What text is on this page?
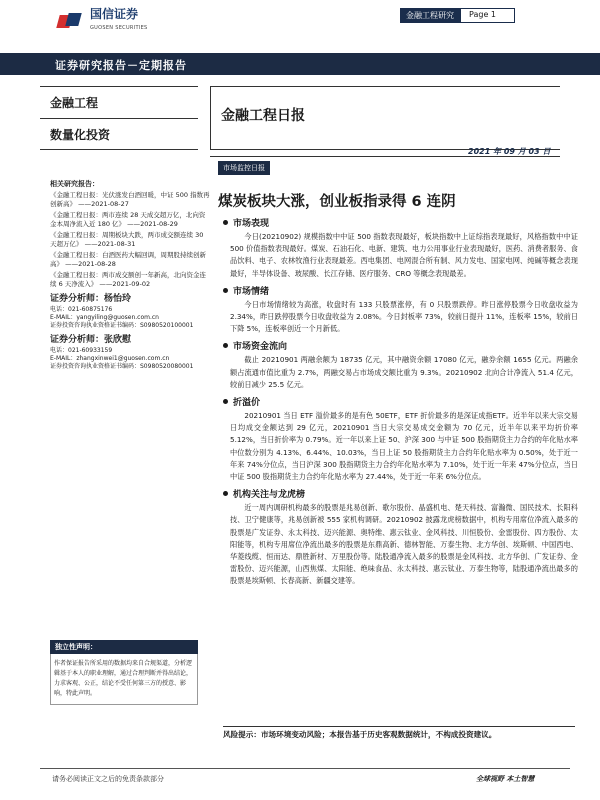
国信证券
GUOSEN SECURITIES
金融工程研究	Page 1
证券研究报告－定期报告
金融工程
数量化投资
金融工程日报
2021 年 09 月 03 日
相关研究报告：
《金融工程日报：光伏涨发白酒回暖，中证 500 指数再创新高》 ——2021-08-27
《金融工程日报：两市连续 28 天成交超万亿，北向资金本周净流入近 180 亿》 ——2021-08-29
《金融工程日报：周期板块大跌，两市成交额连续 30 天超万亿》 ——2021-08-31
《金融工程日报：白酒医药大幅回调，周期股持续创新高》 ——2021-08-28
《金融工程日报：两市成交额创一年新高，北向资金连续 6 天净流入》 ——2021-09-02
证券分析师：杨怡玲
电话：021-60875176
E-MAIL：yangyiling@guosen.com.cn
证券投资咨询执业资格证书编码：S0980520100001
证券分析师：张欣慰
电话：021-60933159
E-MAIL：zhangxinwei1@guosen.com.cn
证券投资咨询执业资格证书编码：S0980520080001
独立性声明：
作者保证报告所采用的数据均来自合规渠道，分析逻辑基于本人的职业理解，通过合理判断并得出结论，力求客观、公正，结论不受任何第三方的授意、影响，特此声明。
市场监控日报
煤炭板块大涨，创业板指录得 6 连阴
市场表现
今日(20210902) 规模指数中中证 500 指数表现最好，板块指数中上证综指表现最好，风格指数中中证 500 价值指数表现最好。煤炭、石油石化、电新、建筑、电力公用事业行业表现最好，医药、消费者服务、食品饮料、电子、农林牧渔行业表现最差。西电集团、电网混合所有制、风力发电、国家电网、纯碱等概念表现最好，半导体设备、玻尿酸、长江存储、医疗服务、CRO 等概念表现最差。
市场情绪
今日市场情绪较为高涨，收盘时有 133 只股票涨停，有 0 只股票跌停。昨日涨停股票今日收盘收益为 2.34%，昨日跌停股票今日收盘收益为 2.08%。今日封板率 73%，较前日提升 11%，连板率 15%，较前日下降 5%，连板率创近一个月新低。
市场资金流向
截止 20210901 两融余额为 18735 亿元，其中融资余额 17080 亿元，融券余额 1655 亿元。两融余额占流通市值比重为 2.7%，两融交易占市场成交额比重为 9.3%。20210902 北向合计净流入 51.4 亿元，较前日减少 25.5 亿元。
折溢价
20210901 当日 ETF 溢价最多的是有色 50ETF，ETF 折价最多的是深证成指ETF。近半年以来大宗交易日均成交金额达到 29 亿元，20210901 当日大宗交易成交金额为 70 亿元，近半年以来平均折价率 5.12%，当日折价率为 0.79%。近一年以来上证 50、沪深 300 与中证 500 股指期货主力合约的年化贴水率中位数分别为 4.13%、6.44%、10.03%，当日上证 50 股指期货主力合约年化贴水率为 0.50%，处于近一年来 74%分位点，当日沪深 300 股指期货主力合约年化贴水率为 7.10%，处于近一年来 47%分位点，当日中证 500 股指期货主力合约年化贴水率为 27.44%，处于近一年来 6%分位点。
机构关注与龙虎榜
近一周内调研机构最多的股票是兆易创新、歌尔股份、晶盛机电、楚天科技、富瀚微、国民技术、长阳科技、卫宁健康等，兆易创新被 555 家机构调研。20210902 披露龙虎榜数据中，机构专用席位净流入最多的股票是广发证券、永太科技、迈兴能源、奥特维、惠云钛业、金风科技、川恒股份、金雷股份、四方股份、太阳能等，机构专用席位净流出最多的股票是东鼎高新、德林智能、万泰生物、北方华创、埃斯顿、中国西电、华菱线缆、恒而达、鼎胜新材、万里股份等。陆股通净流入最多的股票是金风科技、北方华创、广发证券、金雷股份、迈兴能源，山西焦煤、太阳能、绝味食品、永太科技、惠云钛业、万泰生物等，陆股通净流出最多的股票是埃斯顿、长春高新、新疆交建等。
风险提示：市场环境变动风险；本报告基于历史客观数据统计，不构成投资建议。
请务必阅读正文之后的免责条款部分	全球视野 本土智慧
